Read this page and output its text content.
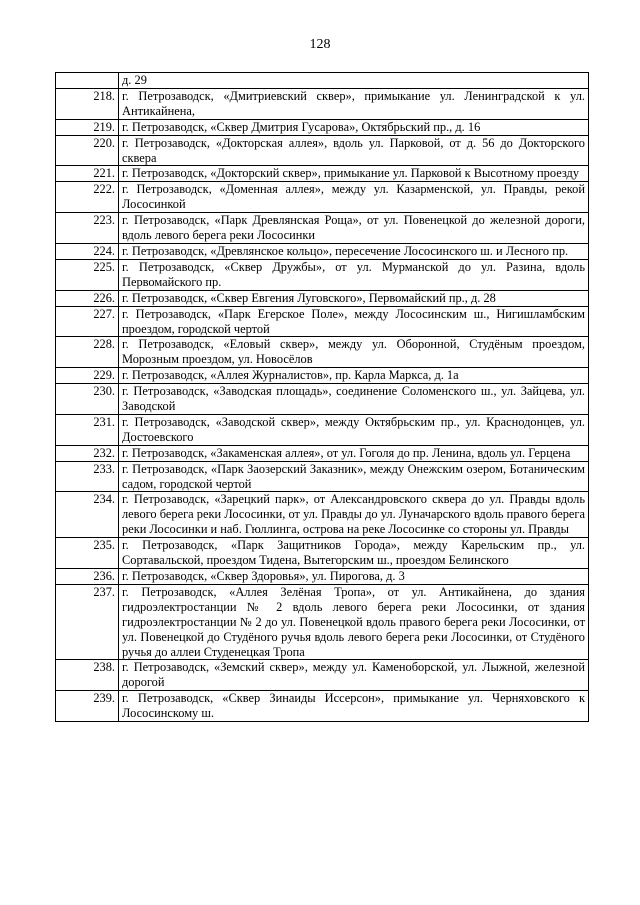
128
	д. 29
218.	г. Петрозаводск, «Дмитриевский сквер», примыкание ул. Ленинградской к ул. Антикайнена,
219.	г. Петрозаводск, «Сквер Дмитрия Гусарова», Октябрьский пр., д. 16
220.	г. Петрозаводск, «Докторская аллея», вдоль ул. Парковой, от д. 56 до Докторского сквера
221.	г. Петрозаводск, «Докторский сквер», примыкание ул. Парковой к Высотному проезду
222.	г. Петрозаводск, «Доменная аллея», между ул. Казарменской, ул. Правды, рекой Лососинкой
223.	г. Петрозаводск, «Парк Древлянская Роща», от ул. Повенецкой до железной дороги, вдоль левого берега реки Лососинки
224.	г. Петрозаводск, «Древлянское кольцо», пересечение Лососинского ш. и Лесного пр.
225.	г. Петрозаводск, «Сквер Дружбы», от ул. Мурманской до ул. Разина, вдоль Первомайского пр.
226.	г. Петрозаводск, «Сквер Евгения Луговского», Первомайский пр., д. 28
227.	г. Петрозаводск, «Парк Егерское Поле», между Лососинским ш., Нигишламбским проездом, городской чертой
228.	г. Петрозаводск, «Еловый сквер», между ул. Оборонной, Студёным проездом, Морозным проездом, ул. Новосёлов
229.	г. Петрозаводск, «Аллея Журналистов», пр. Карла Маркса, д. 1а
230.	г. Петрозаводск, «Заводская площадь», соединение Соломенского ш., ул. Зайцева, ул. Заводской
231.	г. Петрозаводск, «Заводской сквер», между Октябрьским пр., ул. Краснодонцев, ул. Достоевского
232.	г. Петрозаводск, «Закаменская аллея», от ул. Гоголя до пр. Ленина, вдоль ул. Герцена
233.	г. Петрозаводск, «Парк Заозерский Заказник», между Онежским озером, Ботаническим садом, городской чертой
234.	г. Петрозаводск, «Зарецкий парк», от Александровского сквера до ул. Правды вдоль левого берега реки Лососинки, от ул. Правды до ул. Луначарского вдоль правого берега реки Лососинки и наб. Гюллинга, острова на реке Лососинке со стороны ул. Правды
235.	г. Петрозаводск, «Парк Защитников Города», между Карельским пр., ул. Сортавальской, проездом Тидена, Вытегорским ш., проездом Белинского
236.	г. Петрозаводск, «Сквер Здоровья», ул. Пирогова, д. 3
237.	г. Петрозаводск, «Аллея Зелёная Тропа», от ул. Антикайнена, до здания гидроэлектростанции № 2 вдоль левого берега реки Лососинки, от здания гидроэлектростанции № 2 до ул. Повенецкой вдоль правого берега реки Лососинки, от ул. Повенецкой до Студёного ручья вдоль левого берега реки Лососинки, от Студёного ручья до аллеи Студенецкая Тропа
238.	г. Петрозаводск, «Земский сквер», между ул. Каменоборской, ул. Лыжной, железной дорогой
239.	г. Петрозаводск, «Сквер Зинаиды Иссерсон», примыкание ул. Черняховского к Лососинскому ш.
